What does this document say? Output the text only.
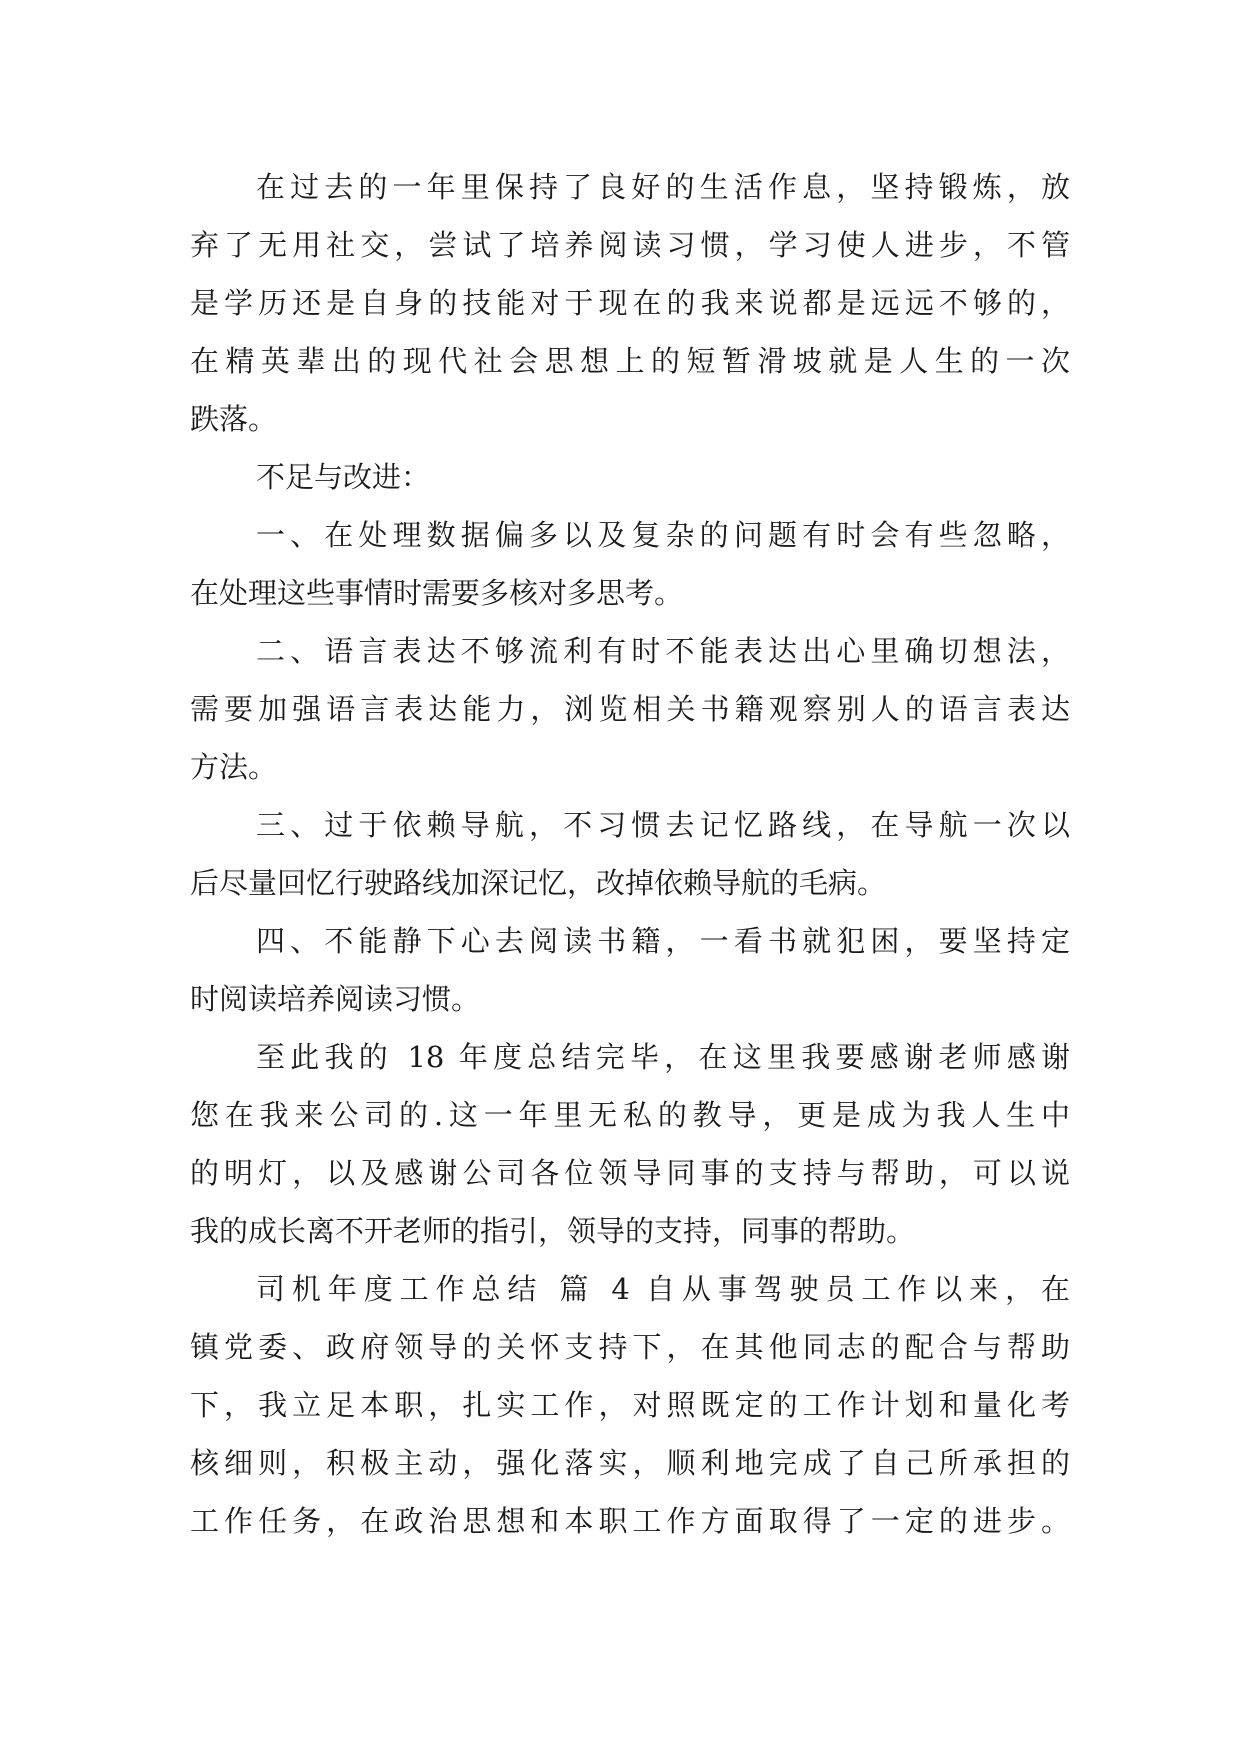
在过去的一年里保持了良好的生活作息，坚持锻炼，放
弃了无用社交，尝试了培养阅读习惯，学习使人进步，不管
是学历还是自身的技能对于现在的我来说都是远远不够的，
在精英辈出的现代社会思想上的短暂滑坡就是人生的一次
跌落。
不足与改进：
一、在处理数据偏多以及复杂的问题有时会有些忽略，
在处理这些事情时需要多核对多思考。
二、语言表达不够流利有时不能表达出心里确切想法，
需要加强语言表达能力，浏览相关书籍观察别人的语言表达
方法。
三、过于依赖导航，不习惯去记忆路线，在导航一次以
后尽量回忆行驶路线加深记忆，改掉依赖导航的毛病。
四、不能静下心去阅读书籍，一看书就犯困，要坚持定
时阅读培养阅读习惯。
至此我的 18 年度总结完毕，在这里我要感谢老师感谢
您在我来公司的.这一年里无私的教导，更是成为我人生中
的明灯，以及感谢公司各位领导同事的支持与帮助，可以说
我的成长离不开老师的指引，领导的支持，同事的帮助。
司机年度工作总结 篇 4 自从事驾驶员工作以来，在
镇党委、政府领导的关怀支持下，在其他同志的配合与帮助
下，我立足本职，扎实工作，对照既定的工作计划和量化考
核细则，积极主动，强化落实，顺利地完成了自己所承担的
工作任务，在政治思想和本职工作方面取得了一定的进步。
